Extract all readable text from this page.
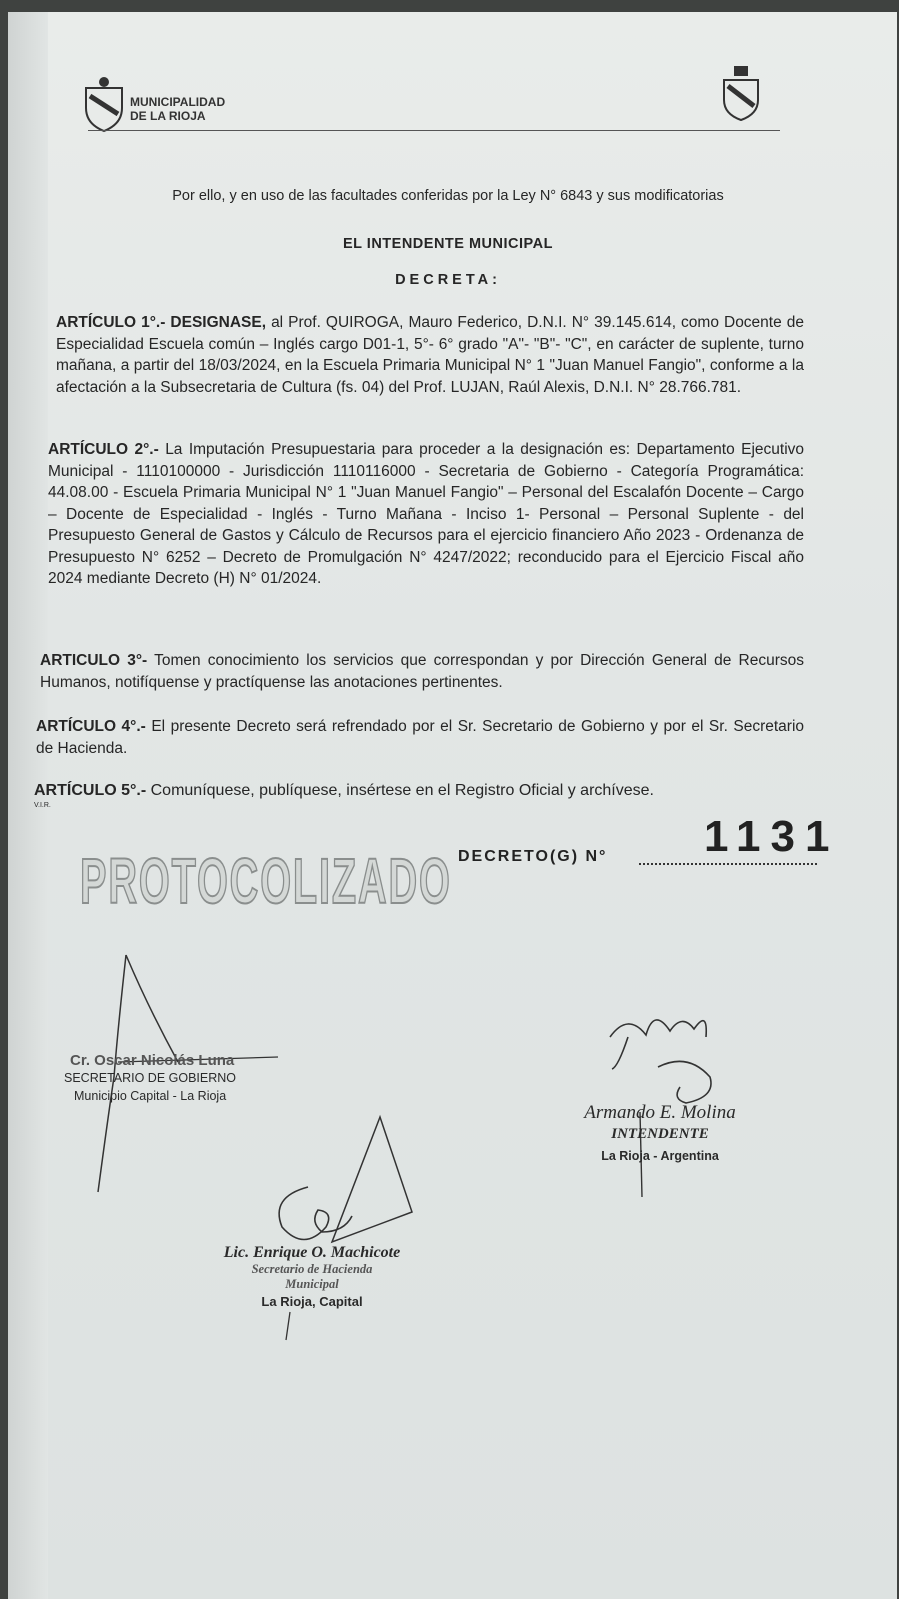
MUNICIPALIDAD
DE LA RIOJA
Por ello, y en uso de las facultades conferidas por la Ley N° 6843 y sus modificatorias
EL INTENDENTE MUNICIPAL
DECRETA:

ARTÍCULO 1°.- DESIGNASE, al Prof. QUIROGA, Mauro Federico, D.N.I. N° 39.145.614, como Docente de Especialidad Escuela común – Inglés cargo D01-1, 5°- 6° grado "A"- "B"- "C", en carácter de suplente, turno mañana, a partir del 18/03/2024, en la Escuela Primaria Municipal N° 1 "Juan Manuel Fangio", conforme a la afectación a la Subsecretaria de Cultura (fs. 04) del Prof. LUJAN, Raúl Alexis, D.N.I. N° 28.766.781.

ARTÍCULO 2°.- La Imputación Presupuestaria para proceder a la designación es: Departamento Ejecutivo Municipal - 1110100000 - Jurisdicción 1110116000 - Secretaria de Gobierno - Categoría Programática: 44.08.00 - Escuela Primaria Municipal N° 1 "Juan Manuel Fangio" – Personal del Escalafón Docente – Cargo – Docente de Especialidad - Inglés - Turno Mañana - Inciso 1- Personal – Personal Suplente - del Presupuesto General de Gastos y Cálculo de Recursos para el ejercicio financiero Año 2023 - Ordenanza de Presupuesto N° 6252 – Decreto de Promulgación N° 4247/2022; reconducido para el Ejercicio Fiscal año 2024 mediante Decreto (H) N° 01/2024.

ARTICULO 3°- Tomen conocimiento los servicios que correspondan y por Dirección General de Recursos Humanos, notifíquense y practíquense las anotaciones pertinentes.

ARTÍCULO 4°.- El presente Decreto será refrendado por el Sr. Secretario de Gobierno y por el Sr. Secretario de Hacienda.

ARTÍCULO 5°.- Comuníquese, publíquese, insértese en el Registro Oficial y archívese.

V.I.R.
PROTOCOLIZADO DECRETO(G) N° 1131
Cr. Oscar Nicolás Luna
SECRETARIO DE GOBIERNO
Municipio Capital - La Rioja
Armando E. Molina
INTENDENTE
La Rioja - Argentina
Lic. Enrique O. Machicote
Secretario de Hacienda
Municipal
La Rioja, Capital
